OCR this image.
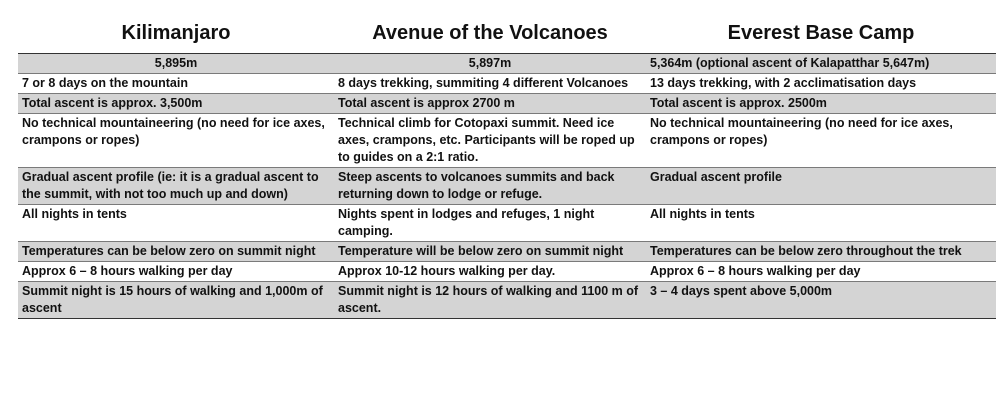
Kilimanjaro	Avenue of the Volcanoes	Everest Base Camp
5,895m	5,897m	5,364m (optional ascent of Kalapatthar 5,647m)
7 or 8 days on the mountain	8 days trekking, summiting 4 different Volcanoes	13 days trekking, with 2 acclimatisation days
Total ascent is approx. 3,500m	Total ascent is approx 2700 m	Total ascent is approx. 2500m
No technical mountaineering (no need for ice axes, crampons or ropes)	Technical climb for Cotopaxi summit. Need ice axes, crampons, etc. Participants will be roped up to guides on a 2:1 ratio.	No technical mountaineering (no need for ice axes, crampons or ropes)
Gradual ascent profile (ie: it is a gradual ascent to the summit, with not too much up and down)	Steep ascents to volcanoes summits and back returning down to lodge or refuge.	Gradual ascent profile
All nights in tents	Nights spent in lodges and refuges, 1 night camping.	All nights in tents
Temperatures can be below zero on summit night	Temperature will be below zero on summit night	Temperatures can be below zero throughout the trek
Approx 6 – 8 hours walking per day	Approx 10-12 hours walking per day.	Approx 6 – 8 hours walking per day
Summit night is 15 hours of walking and 1,000m of ascent	Summit night is 12 hours of walking and 1100 m of ascent.	3 – 4 days spent above 5,000m
